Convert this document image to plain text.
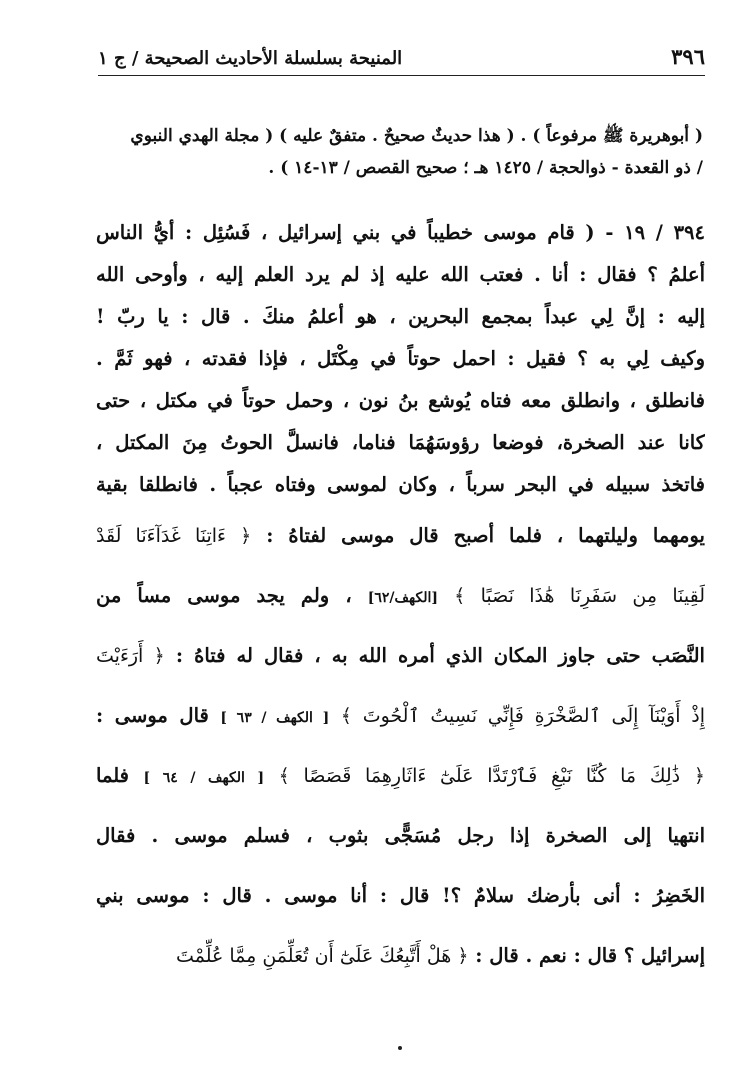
٣٩٦
المنيحة بسلسلة الأحاديث الصحيحة / ج ١

( أبوهريرة ﷺ مرفوعاً ) . ( هذا حديثٌ صحيحٌ . متفقٌ عليه ) ( مجلة الهدي النبوي

/ ذو القعدة - ذوالحجة / ١٤٢٥ هـ ؛ صحيح القصص / ١٣-١٤ ) .

٣٩٤ / ١٩ - ( قام موسى خطيباً في بني إسرائيل ، فَسُئِل : أيُّ الناس
أعلمُ ؟ فقال : أنا . فعتب الله عليه إذ لم يرد العلم إليه ، وأوحى الله
إليه : إنَّ لِي عبداً بمجمع البحرين ، هو أعلمُ منكَ . قال : يا ربّ !
وكيف لِي به ؟ فقيل : احمل حوتاً في مِكْتَل ، فإذا فقدته ، فهو ثَمَّ .
فانطلق ، وانطلق معه فتاه يُوشع بنُ نون ، وحمل حوتاً في مكتل ، حتى
كانا عند الصخرة، فوضعا رؤوسَهُمَا فناما، فانسلَّ الحوتُ مِنَ المكتل ،
فاتخذ سبيله في البحر سرباً ، وكان لموسى وفتاه عجباً . فانطلقا بقية
يومهما وليلتهما ، فلما أصبح قال موسى لفتاهُ : ﴿ ءَاتِنَا غَدَآءَنَا لَقَدْ
لَقِينَا مِن سَفَرِنَا هَٰذَا نَصَبًا ﴾ [الكهف/٦٢] ، ولم يجد موسى مساً من
النَّصَب حتى جاوز المكان الذي أمره الله به ، فقال له فتاهُ : ﴿ أَرَءَيْتَ
إِذْ أَوَيْنَآ إِلَى ٱلصَّخْرَةِ فَإِنِّي نَسِيتُ ٱلْحُوتَ ﴾ [ الكهف / ٦٣ ] قال موسى :
﴿ ذَٰلِكَ مَا كُنَّا نَبْغِ فَٱرْتَدَّا عَلَىٰٓ ءَاثَارِهِمَا قَصَصًا ﴾ [ الكهف / ٦٤ ] فلما
انتهيا إلى الصخرة إذا رجل مُسَجًّى بثوب ، فسلم موسى . فقال
الخَضِرُ : أنى بأرضك سلامٌ ؟! قال : أنا موسى . قال : موسى بني
إسرائيل ؟ قال : نعم . قال : ﴿ هَلْ أَتَّبِعُكَ عَلَىٰٓ أَن تُعَلِّمَنِ مِمَّا عُلِّمْتَ
